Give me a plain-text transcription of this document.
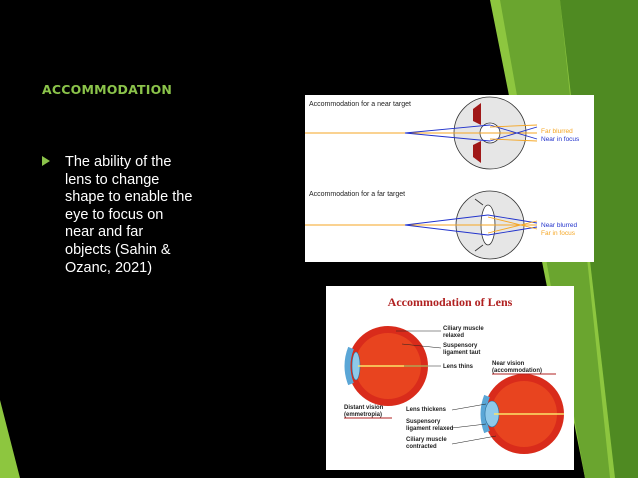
ACCOMMODATION
The ability of the lens to change shape to enable the eye to focus on near and far objects (Sahin & Ozanc, 2021)
Accommodation for a near target
Far blurred
Near in focus
Accommodation for a far target
Near blurred
Far in focus
Accommodation of Lens
Ciliary muscle
relaxed
Suspensory
ligament taut
Lens thins	Near vision
(accommodation)
Distant vision
(emmetropia)
Lens thickens
Suspensory
ligament relaxed
Ciliary muscle
contracted
